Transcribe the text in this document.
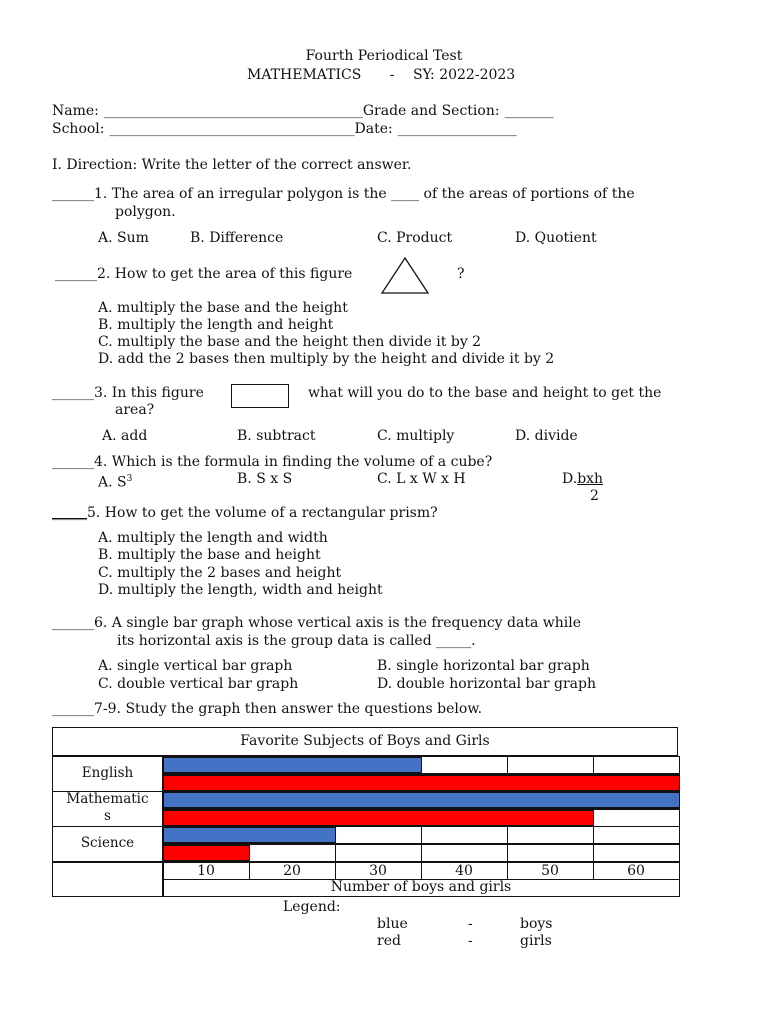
Fourth Periodical Test
MATHEMATICS - SY: 2022-2023
Name: _____________________________________Grade and Section: _______
School: ___________________________________Date: _________________
I. Direction: Write the letter of the correct answer.
______1. The area of an irregular polygon is the ____ of the areas of portions of the
polygon.
A. Sum	B. Difference	C. Product	D. Quotient
______2. How to get the area of this figure	?
A. multiply the base and the height
B. multiply the length and height
C. multiply the base and the height then divide it by 2
D. add the 2 bases then multiply by the height and divide it by 2
______3. In this figure	what will you do to the base and height to get the
area?
A. add	B. subtract	C. multiply	D. divide
______4. Which is the formula in finding the volume of a cube?
A. $S^3$	B. S x S	C. L x W x H	D.bxh
2
_____5. How to get the volume of a rectangular prism?
A. multiply the length and width
B. multiply the base and height
C. multiply the 2 bases and height
D. multiply the length, width and height
______6. A single bar graph whose vertical axis is the frequency data while
its horizontal axis is the group data is called _____.
A. single vertical bar graph	B. single horizontal bar graph
C. double vertical bar graph	D. double horizontal bar graph
______7-9. Study the graph then answer the questions below.
Favorite Subjects of Boys and Girls
English
Mathematic
s
Science
10	20	30	40	50	60
Number of boys and girls
Legend:
blue	-	boys
red	-	girls
